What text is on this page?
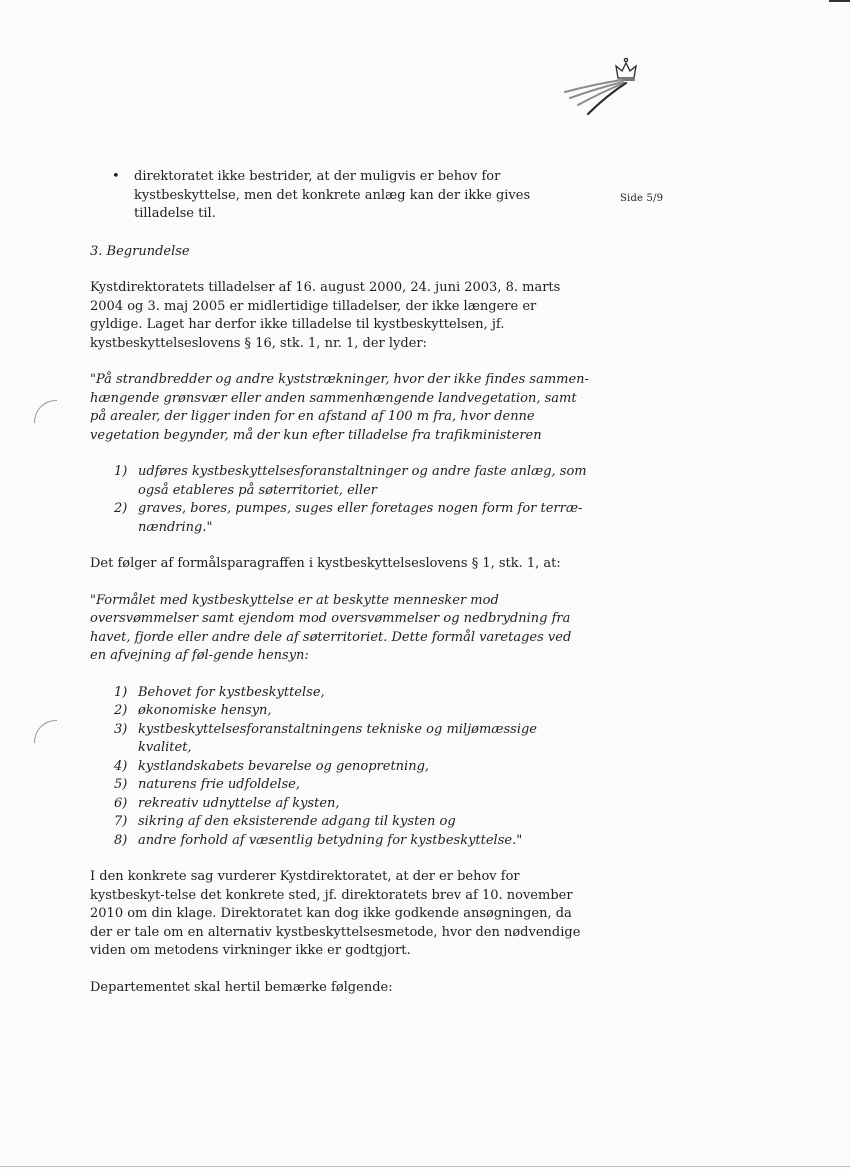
Side 5/9
• direktoratet ikke bestrider, at der muligvis er behov for kystbeskyttelse, men det konkrete anlæg kan der ikke gives tilladelse til.
3. Begrundelse

Kystdirektoratets tilladelser af 16. august 2000, 24. juni 2003, 8. marts 2004 og 3. maj 2005 er midlertidige tilladelser, der ikke længere er gyldige. Laget har derfor ikke tilladelse til kystbeskyttelsen, jf. kystbeskyttelseslovens § 16, stk. 1, nr. 1, der lyder:

"På strandbredder og andre kyststrækninger, hvor der ikke findes sammen-hængende grønsvær eller anden sammenhængende landvegetation, samt på arealer, der ligger inden for en afstand af 100 m fra, hvor denne vegetation begynder, må der kun efter tilladelse fra trafikministeren

1) udføres kystbeskyttelsesforanstaltninger og andre faste anlæg, som også etableres på søterritoriet, eller
2) graves, bores, pumpes, suges eller foretages nogen form for terræ-nændring."

Det følger af formålsparagraffen i kystbeskyttelseslovens § 1, stk. 1, at:

"Formålet med kystbeskyttelse er at beskytte mennesker mod oversvømmelser samt ejendom mod oversvømmelser og nedbrydning fra havet, fjorde eller andre dele af søterritoriet. Dette formål varetages ved en afvejning af føl-gende hensyn:

1) Behovet for kystbeskyttelse,
2) økonomiske hensyn,
3) kystbeskyttelsesforanstaltningens tekniske og miljømæssige kvalitet,
4) kystlandskabets bevarelse og genopretning,
5) naturens frie udfoldelse,
6) rekreativ udnyttelse af kysten,
7) sikring af den eksisterende adgang til kysten og
8) andre forhold af væsentlig betydning for kystbeskyttelse."

I den konkrete sag vurderer Kystdirektoratet, at der er behov for kystbeskyt-telse det konkrete sted, jf. direktoratets brev af 10. november 2010 om din klage. Direktoratet kan dog ikke godkende ansøgningen, da der er tale om en alternativ kystbeskyttelsesmetode, hvor den nødvendige viden om metodens virkninger ikke er godtgjort.

Departementet skal hertil bemærke følgende:
